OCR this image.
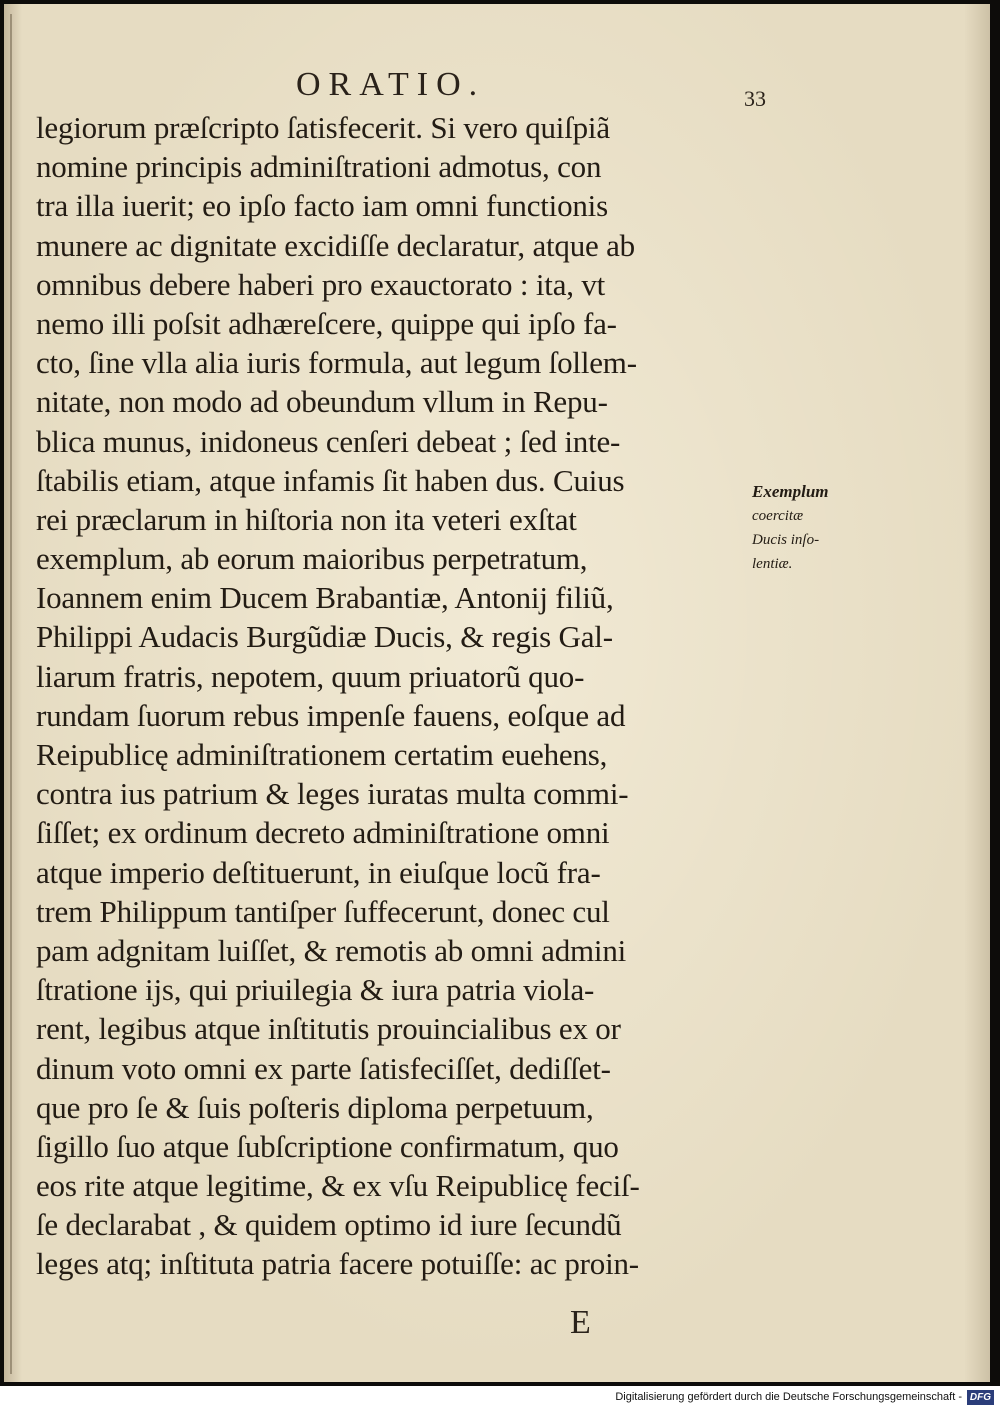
ORATIO.	33
legiorum præſcripto ſatisfecerit. Si vero quiſpiã
nomine principis adminiſtrationi admotus, con
tra illa iuerit; eo ipſo facto iam omni functionis
munere ac dignitate excidiſſe declaratur, atque ab
omnibus debere haberi pro exauctorato : ita, vt
nemo illi poſsit adhæreſcere, quippe qui ipſo fa-
cto, ſine vlla alia iuris formula, aut legum ſollem-
nitate, non modo ad obeundum vllum in Repu-
blica munus, inidoneus cenſeri debeat ; ſed inte-
ſtabilis etiam, atque infamis ſit haben dus. Cuius
rei præclarum in hiſtoria non ita veteri exſtat
exemplum, ab eorum maioribus perpetratum,
Ioannem enim Ducem Brabantiæ, Antonij filiũ,
Philippi Audacis Burgũdiæ Ducis, & regis Gal-
liarum fratris, nepotem, quum priuatorũ quo-
rundam ſuorum rebus impenſe fauens, eoſque ad
Reipublicę adminiſtrationem certatim euehens,
contra ius patrium & leges iuratas multa commi-
ſiſſet; ex ordinum decreto adminiſtratione omni
atque imperio deſtituerunt, in eiuſque locũ fra-
trem Philippum tantiſper ſuffecerunt, donec cul
pam adgnitam luiſſet, & remotis ab omni admini
ſtratione ijs, qui priuilegia & iura patria viola-
rent, legibus atque inſtitutis prouincialibus ex or
dinum voto omni ex parte ſatisfeciſſet, dediſſet-
que pro ſe & ſuis poſteris diploma perpetuum,
ſigillo ſuo atque ſubſcriptione confirmatum, quo
eos rite atque legitime, & ex vſu Reipublicę feciſ-
ſe declarabat , & quidem optimo id iure ſecundũ
leges atq; inſtituta patria facere potuiſſe: ac proin-
Exemplum
coercitæ
Ducis inſo-
lentiæ.
E
Digitalisierung gefördert durch die Deutsche Forschungsgemeinschaft - DFG
